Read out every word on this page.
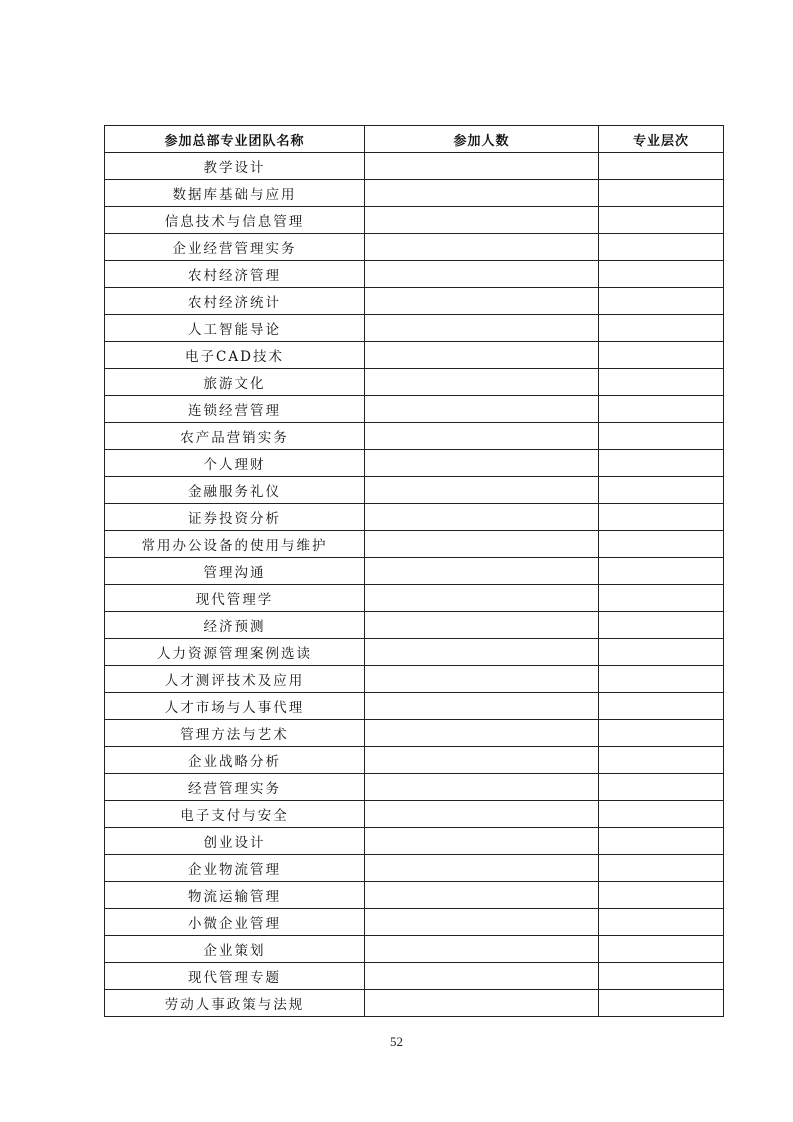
参加总部专业团队名称	参加人数	专业层次
教学设计		
数据库基础与应用		
信息技术与信息管理		
企业经营管理实务		
农村经济管理		
农村经济统计		
人工智能导论		
电子CAD技术		
旅游文化		
连锁经营管理		
农产品营销实务		
个人理财		
金融服务礼仪		
证券投资分析		
常用办公设备的使用与维护		
管理沟通		
现代管理学		
经济预测		
人力资源管理案例选读		
人才测评技术及应用		
人才市场与人事代理		
管理方法与艺术		
企业战略分析		
经营管理实务		
电子支付与安全		
创业设计		
企业物流管理		
物流运输管理		
小微企业管理		
企业策划		
现代管理专题		
劳动人事政策与法规		
52
